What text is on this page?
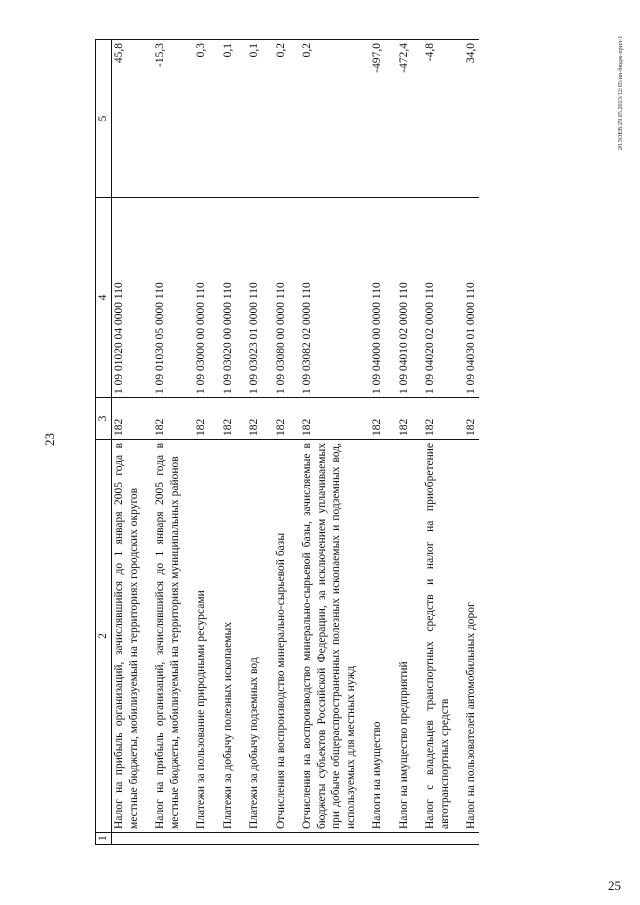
23
25
20.3OEB/29.05.2023/12:05/нн-бюдж-прил-1
1	2	3	4	5
	Налог на прибыль организаций, зачислявшийся до 1 января 2005 года в местные бюджеты, мобилизуемый на территориях городских округов	182	1 09 01020 04 0000 110	45,8
	Налог на прибыль организаций, зачислявшийся до 1 января 2005 года в местные бюджеты, мобилизуемый на территориях муниципальных районов	182	1 09 01030 05 0000 110	-15,3
	Платежи за пользование природными ресурсами	182	1 09 03000 00 0000 110	0,3
	Платежи за добычу полезных ископаемых	182	1 09 03020 00 0000 110	0,1
	Платежи за добычу подземных вод	182	1 09 03023 01 0000 110	0,1
	Отчисления на воспроизводство минерально-сырьевой базы	182	1 09 03080 00 0000 110	0,2
	Отчисления на воспроизводство минерально-сырьевой базы, зачисляемые в бюджеты субъектов Российской Федерации, за исключением уплачиваемых при добыче общераспространенных полезных ископаемых и подземных вод, используемых для местных нужд	182	1 09 03082 02 0000 110	0,2
	Налоги на имущество	182	1 09 04000 00 0000 110	-497,0
	Налог на имущество предприятий	182	1 09 04010 02 0000 110	-472,4
	Налог с владельцев транспортных средств и налог на приобретение автотранспортных средств	182	1 09 04020 02 0000 110	-4,8
	Налог на пользователей автомобильных дорог	182	1 09 04030 01 0000 110	34,0
